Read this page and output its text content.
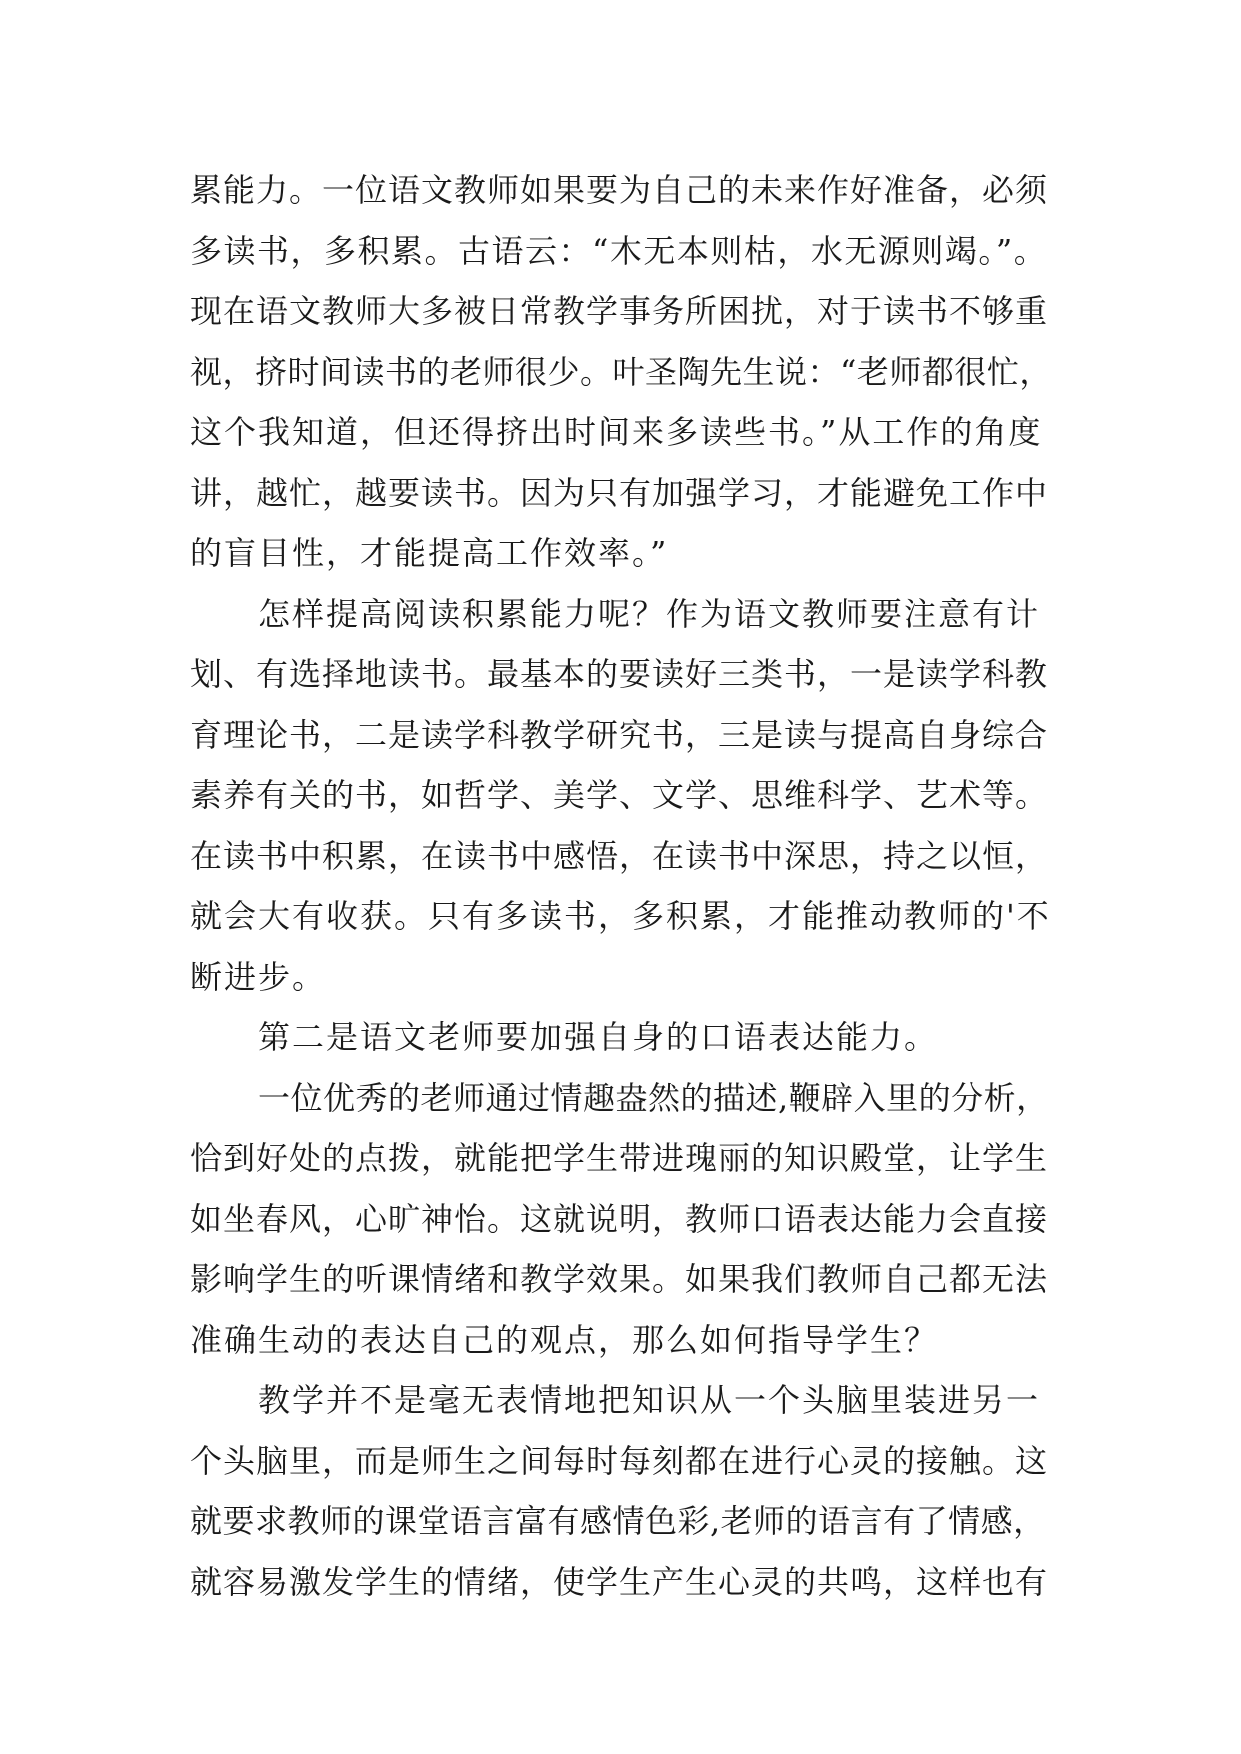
累能力。一位语文教师如果要为自己的未来作好准备，必须
多读书，多积累。古语云：“木无本则枯，水无源则竭。”。
现在语文教师大多被日常教学事务所困扰，对于读书不够重
视，挤时间读书的老师很少。叶圣陶先生说：“老师都很忙，
这个我知道，但还得挤出时间来多读些书。”从工作的角度
讲，越忙，越要读书。因为只有加强学习，才能避免工作中
的盲目性，才能提高工作效率。”
怎样提高阅读积累能力呢？作为语文教师要注意有计
划、有选择地读书。最基本的要读好三类书，一是读学科教
育理论书，二是读学科教学研究书，三是读与提高自身综合
素养有关的书，如哲学、美学、文学、思维科学、艺术等。
在读书中积累，在读书中感悟，在读书中深思，持之以恒，
就会大有收获。只有多读书，多积累，才能推动教师的'不
断进步。
第二是语文老师要加强自身的口语表达能力。
一位优秀的老师通过情趣盎然的描述,鞭辟入里的分析，
恰到好处的点拨，就能把学生带进瑰丽的知识殿堂，让学生
如坐春风，心旷神怡。这就说明，教师口语表达能力会直接
影响学生的听课情绪和教学效果。如果我们教师自己都无法
准确生动的表达自己的观点，那么如何指导学生？
教学并不是毫无表情地把知识从一个头脑里装进另一
个头脑里，而是师生之间每时每刻都在进行心灵的接触。这
就要求教师的课堂语言富有感情色彩,老师的语言有了情感，
就容易激发学生的情绪，使学生产生心灵的共鸣，这样也有
